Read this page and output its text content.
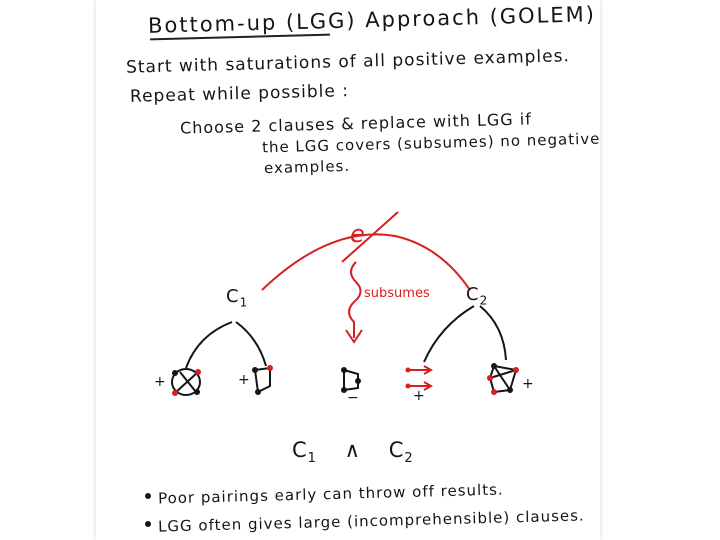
Bottom-up (LGG) Approach (GOLEM)
Start with saturations of all positive examples.
Repeat while possible :
Choose 2 clauses & replace with LGG if
the LGG covers (subsumes) no negative
examples.
e
$C_1$	$C_2$
subsumes
+	+
−	+
+
$C_1$ ∧ $C_2$
Poor pairings early can throw off results.
LGG often gives large (incomprehensible) clauses.
